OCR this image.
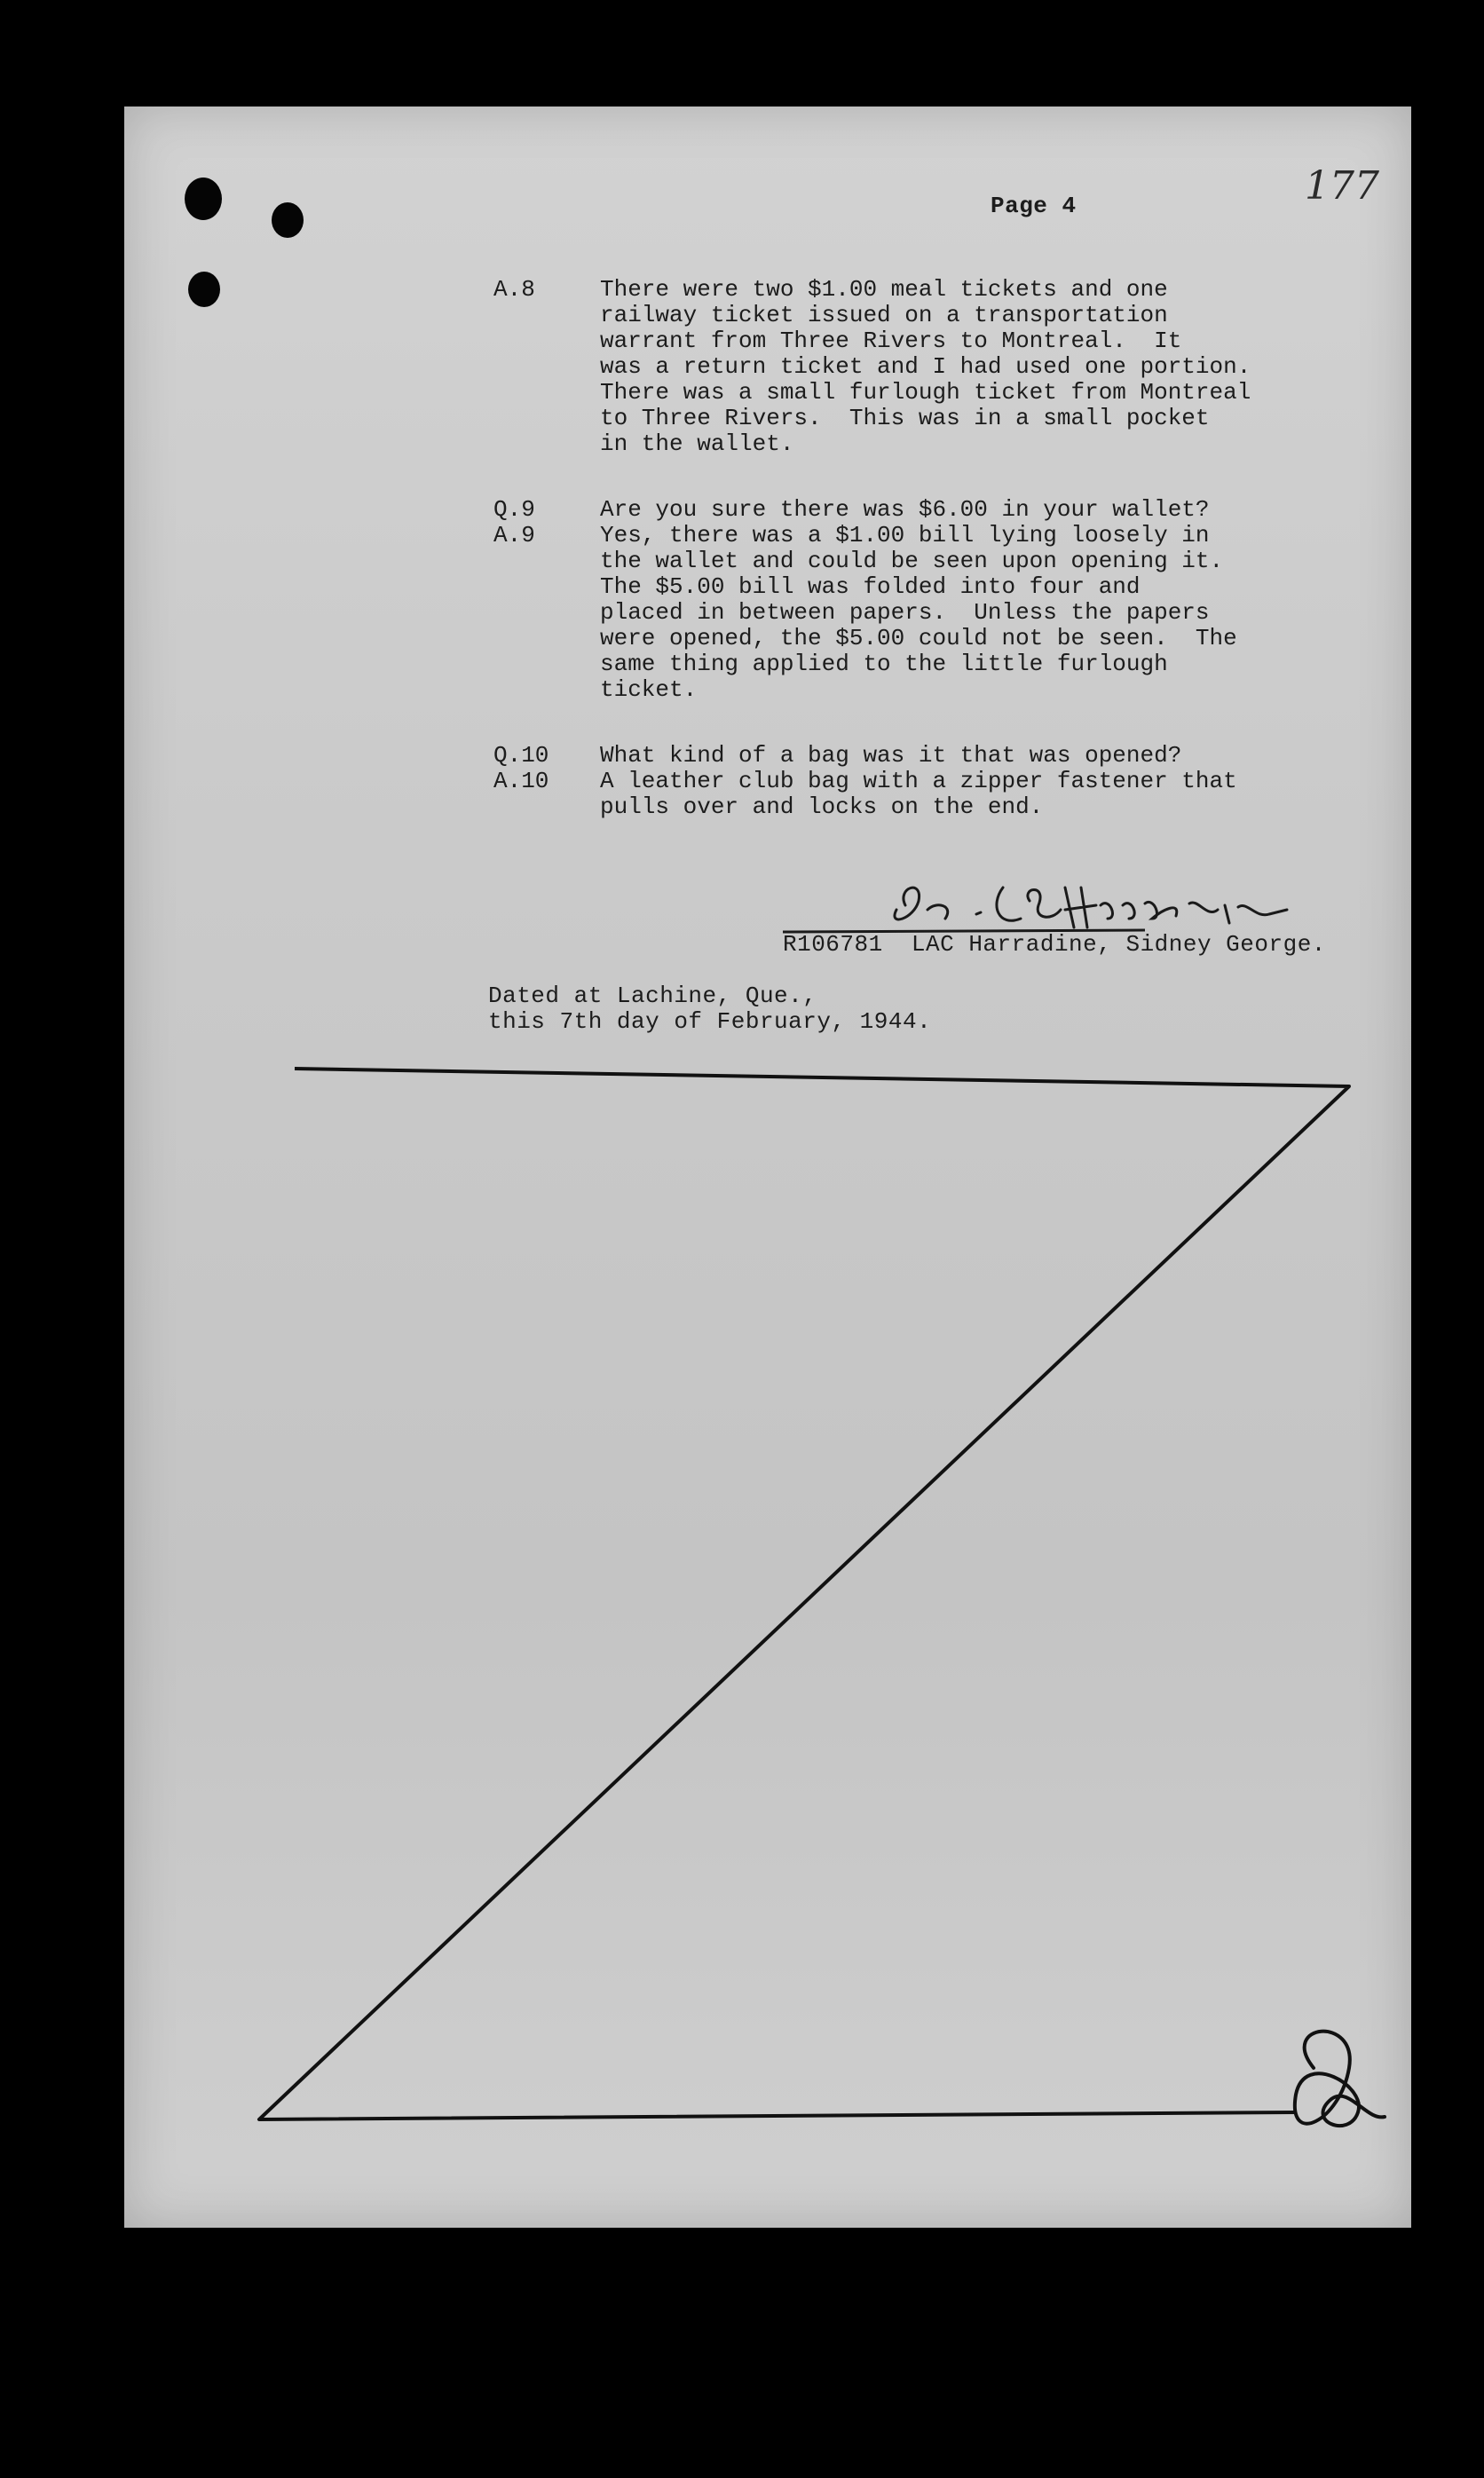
Page 4	177
A.8	There were two $1.00 meal tickets and one
railway ticket issued on a transportation
warrant from Three Rivers to Montreal.  It
was a return ticket and I had used one portion.
There was a small furlough ticket from Montreal
to Three Rivers.  This was in a small pocket
in the wallet.
Q.9	Are you sure there was $6.00 in your wallet?
A.9	Yes, there was a $1.00 bill lying loosely in
the wallet and could be seen upon opening it.
The $5.00 bill was folded into four and
placed in between papers.  Unless the papers
were opened, the $5.00 could not be seen.  The
same thing applied to the little furlough
ticket.
Q.10 What kind of a bag was it that was opened?
A.10 A leather club bag with a zipper fastener that
pulls over and locks on the end.
R106781  LAC Harradine, Sidney George.
Dated at Lachine, Que.,
this 7th day of February, 1944.
